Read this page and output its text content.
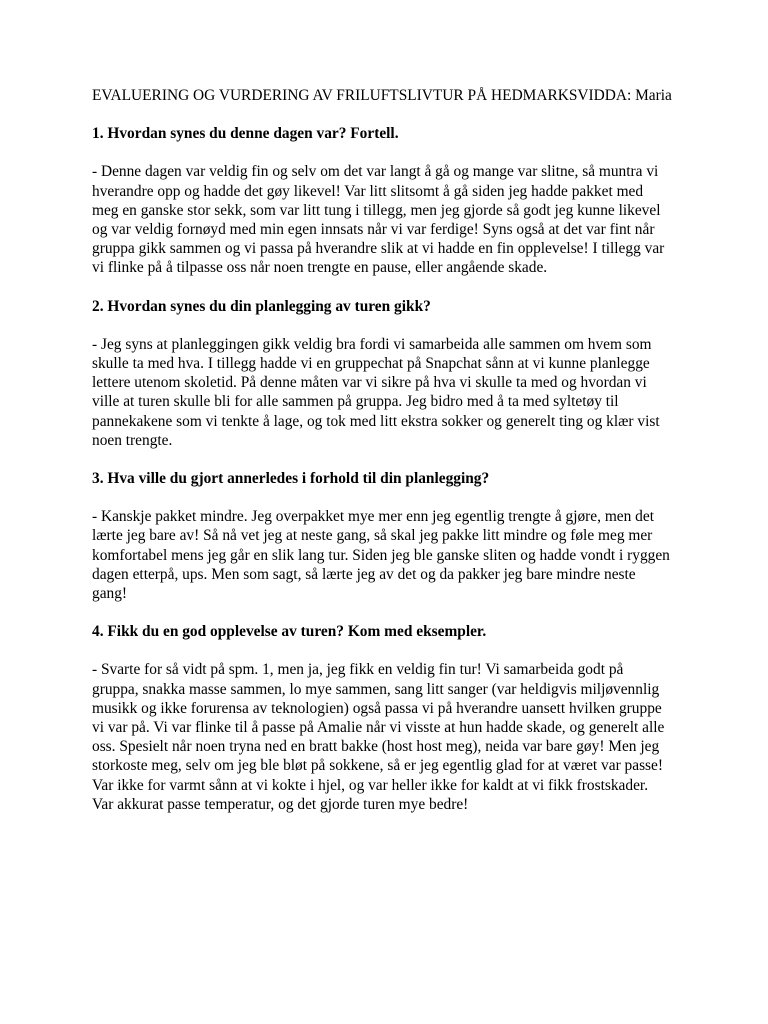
EVALUERING OG VURDERING AV FRILUFTSLIVTUR PÅ HEDMARKSVIDDA: Maria
1. Hvordan synes du denne dagen var? Fortell.
- Denne dagen var veldig fin og selv om det var langt å gå og mange var slitne, så muntra vi hverandre opp og hadde det gøy likevel! Var litt slitsomt å gå siden jeg hadde pakket med meg en ganske stor sekk, som var litt tung i tillegg, men jeg gjorde så godt jeg kunne likevel og var veldig fornøyd med min egen innsats når vi var ferdige! Syns også at det var fint når gruppa gikk sammen og vi passa på hverandre slik at vi hadde en fin opplevelse! I tillegg var vi flinke på å tilpasse oss når noen trengte en pause, eller angående skade.
2. Hvordan synes du din planlegging av turen gikk?
- Jeg syns at planleggingen gikk veldig bra fordi vi samarbeida alle sammen om hvem som skulle ta med hva. I tillegg hadde vi en gruppechat på Snapchat sånn at vi kunne planlegge lettere utenom skoletid. På denne måten var vi sikre på hva vi skulle ta med og hvordan vi ville at turen skulle bli for alle sammen på gruppa. Jeg bidro med å ta med syltetøy til pannekakene som vi tenkte å lage, og tok med litt ekstra sokker og generelt ting og klær vist noen trengte.
3. Hva ville du gjort annerledes i forhold til din planlegging?
- Kanskje pakket mindre. Jeg overpakket mye mer enn jeg egentlig trengte å gjøre, men det lærte jeg bare av! Så nå vet jeg at neste gang, så skal jeg pakke litt mindre og føle meg mer komfortabel mens jeg går en slik lang tur. Siden jeg ble ganske sliten og hadde vondt i ryggen dagen etterpå, ups. Men som sagt, så lærte jeg av det og da pakker jeg bare mindre neste gang!
4. Fikk du en god opplevelse av turen? Kom med eksempler.
- Svarte for så vidt på spm. 1, men ja, jeg fikk en veldig fin tur! Vi samarbeida godt på gruppa, snakka masse sammen, lo mye sammen, sang litt sanger (var heldigvis miljøvennlig musikk og ikke forurensa av teknologien) også passa vi på hverandre uansett hvilken gruppe vi var på. Vi var flinke til å passe på Amalie når vi visste at hun hadde skade, og generelt alle oss. Spesielt når noen tryna ned en bratt bakke (host host meg), neida var bare gøy! Men jeg storkoste meg, selv om jeg ble bløt på sokkene, så er jeg egentlig glad for at været var passe! Var ikke for varmt sånn at vi kokte i hjel, og var heller ikke for kaldt at vi fikk frostskader. Var akkurat passe temperatur, og det gjorde turen mye bedre!
